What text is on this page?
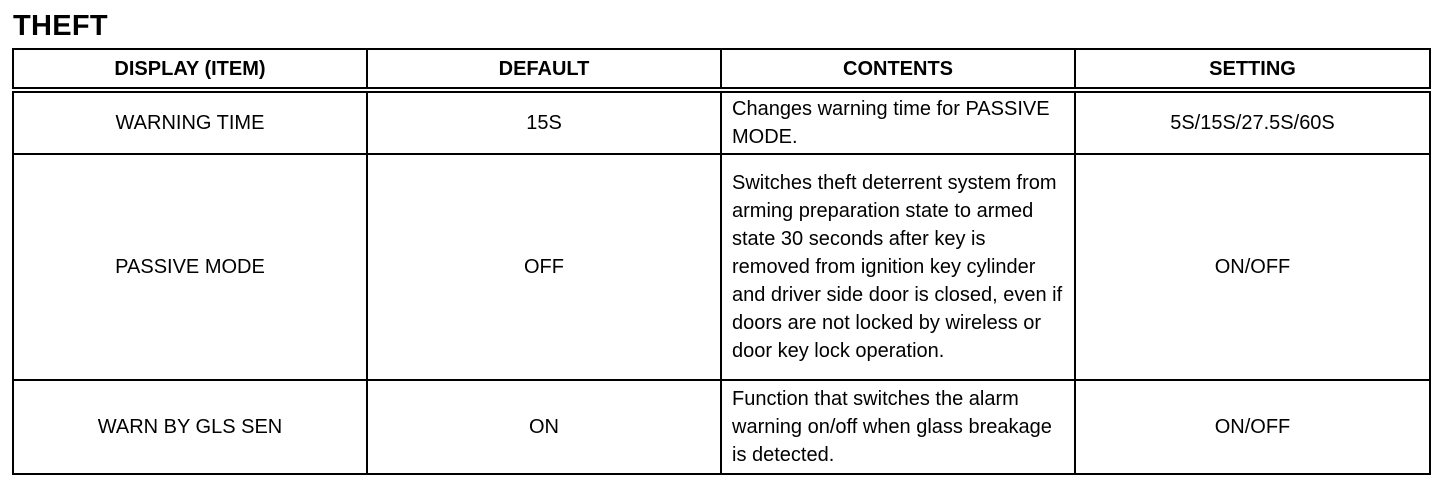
THEFT
DISPLAY (ITEM)	DEFAULT	CONTENTS	SETTING
WARNING TIME	15S	Changes warning time for PASSIVE MODE.	5S/15S/27.5S/60S
PASSIVE MODE	OFF	Switches theft deterrent system from arming preparation state to armed state 30 seconds after key is removed from ignition key cylinder and driver side door is closed, even if doors are not locked by wireless or door key lock operation.	ON/OFF
WARN BY GLS SEN	ON	Function that switches the alarm warning on/off when glass breakage is detected.	ON/OFF
